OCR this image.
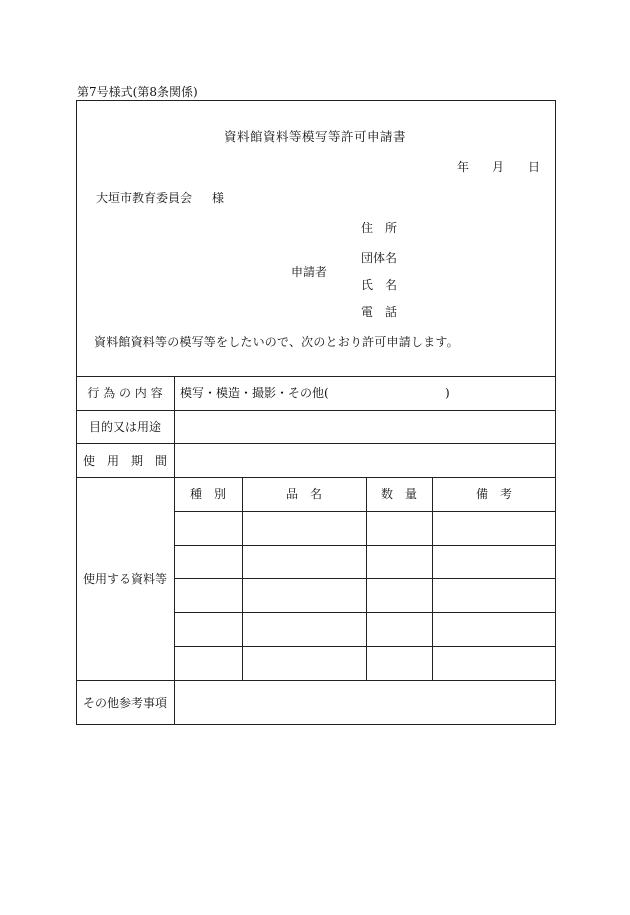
第7号様式(第8条関係)
資料館資料等模写等許可申請書
年 月 日
大垣市教育委員会 様
申請者
住　所
団体名
氏　名
電　話
資料館資料等の模写等をしたいので、次のとおり許可申請します。
行 為 の 内 容	模写・模造・撮影・その他(	)
目的又は用途
使　用　期　間
使用する資料等
種　別	品　名	数　量	備　考
その他参考事項
